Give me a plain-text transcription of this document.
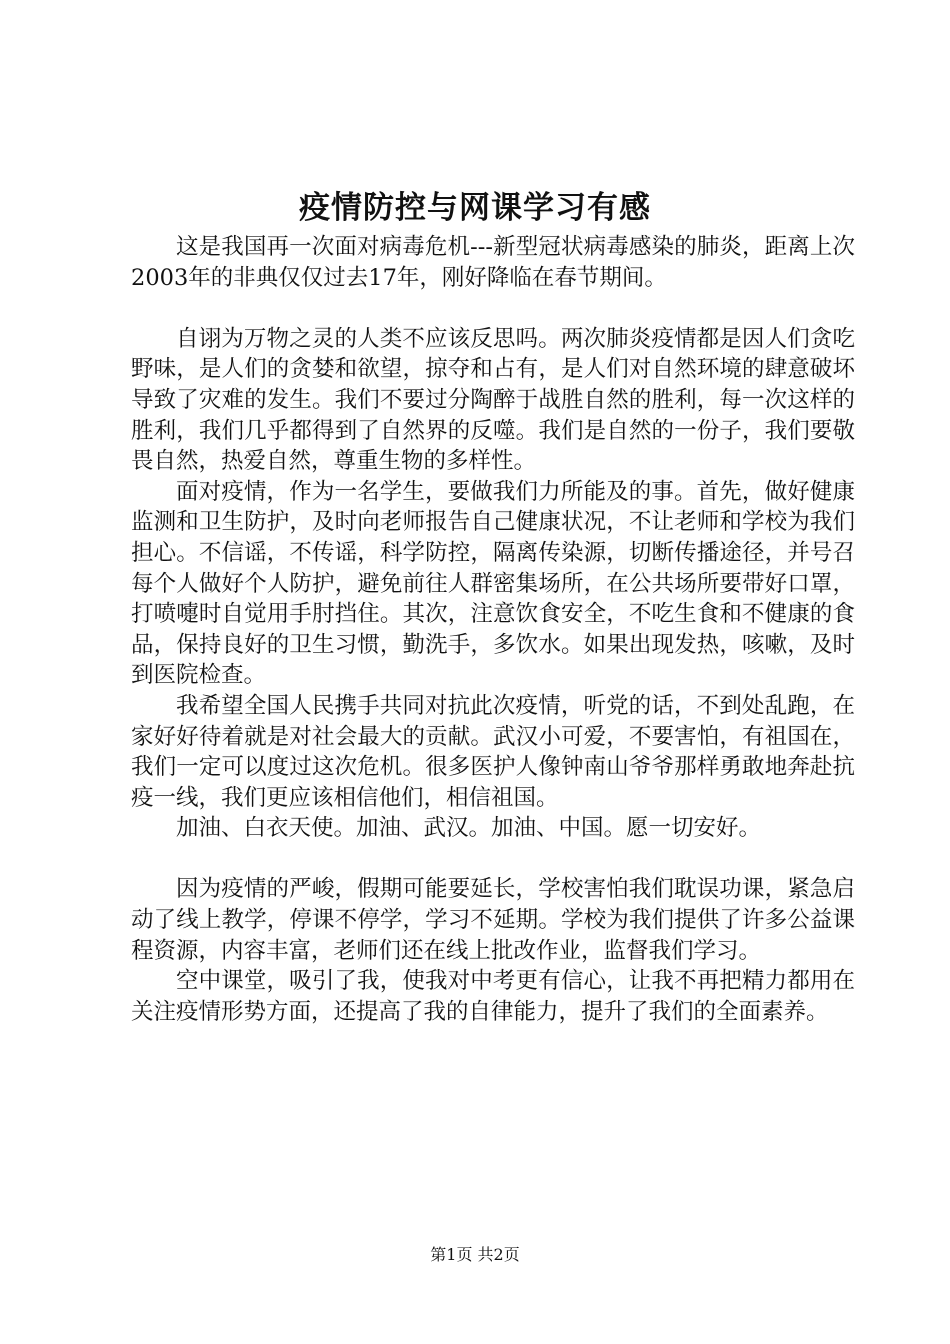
疫情防控与网课学习有感

这是我国再一次面对病毒危机---新型冠状病毒感染的肺炎，距离上次2003年的非典仅仅过去17年，刚好降临在春节期间。

自诩为万物之灵的人类不应该反思吗。两次肺炎疫情都是因人们贪吃野味，是人们的贪婪和欲望，掠夺和占有，是人们对自然环境的肆意破坏导致了灾难的发生。我们不要过分陶醉于战胜自然的胜利，每一次这样的胜利，我们几乎都得到了自然界的反噬。我们是自然的一份子，我们要敬畏自然，热爱自然，尊重生物的多样性。

面对疫情，作为一名学生，要做我们力所能及的事。首先，做好健康监测和卫生防护，及时向老师报告自己健康状况，不让老师和学校为我们担心。不信谣，不传谣，科学防控，隔离传染源，切断传播途径，并号召每个人做好个人防护，避免前往人群密集场所，在公共场所要带好口罩，打喷嚏时自觉用手肘挡住。其次，注意饮食安全，不吃生食和不健康的食品，保持良好的卫生习惯，勤洗手，多饮水。如果出现发热，咳嗽，及时到医院检查。

我希望全国人民携手共同对抗此次疫情，听党的话，不到处乱跑，在家好好待着就是对社会最大的贡献。武汉小可爱，不要害怕，有祖国在，我们一定可以度过这次危机。很多医护人像钟南山爷爷那样勇敢地奔赴抗疫一线，我们更应该相信他们，相信祖国。

加油、白衣天使。加油、武汉。加油、中国。愿一切安好。

因为疫情的严峻，假期可能要延长，学校害怕我们耽误功课，紧急启动了线上教学，停课不停学，学习不延期。学校为我们提供了许多公益课程资源，内容丰富，老师们还在线上批改作业，监督我们学习。

空中课堂，吸引了我，使我对中考更有信心，让我不再把精力都用在关注疫情形势方面，还提高了我的自律能力，提升了我们的全面素养。

第1页 共2页
